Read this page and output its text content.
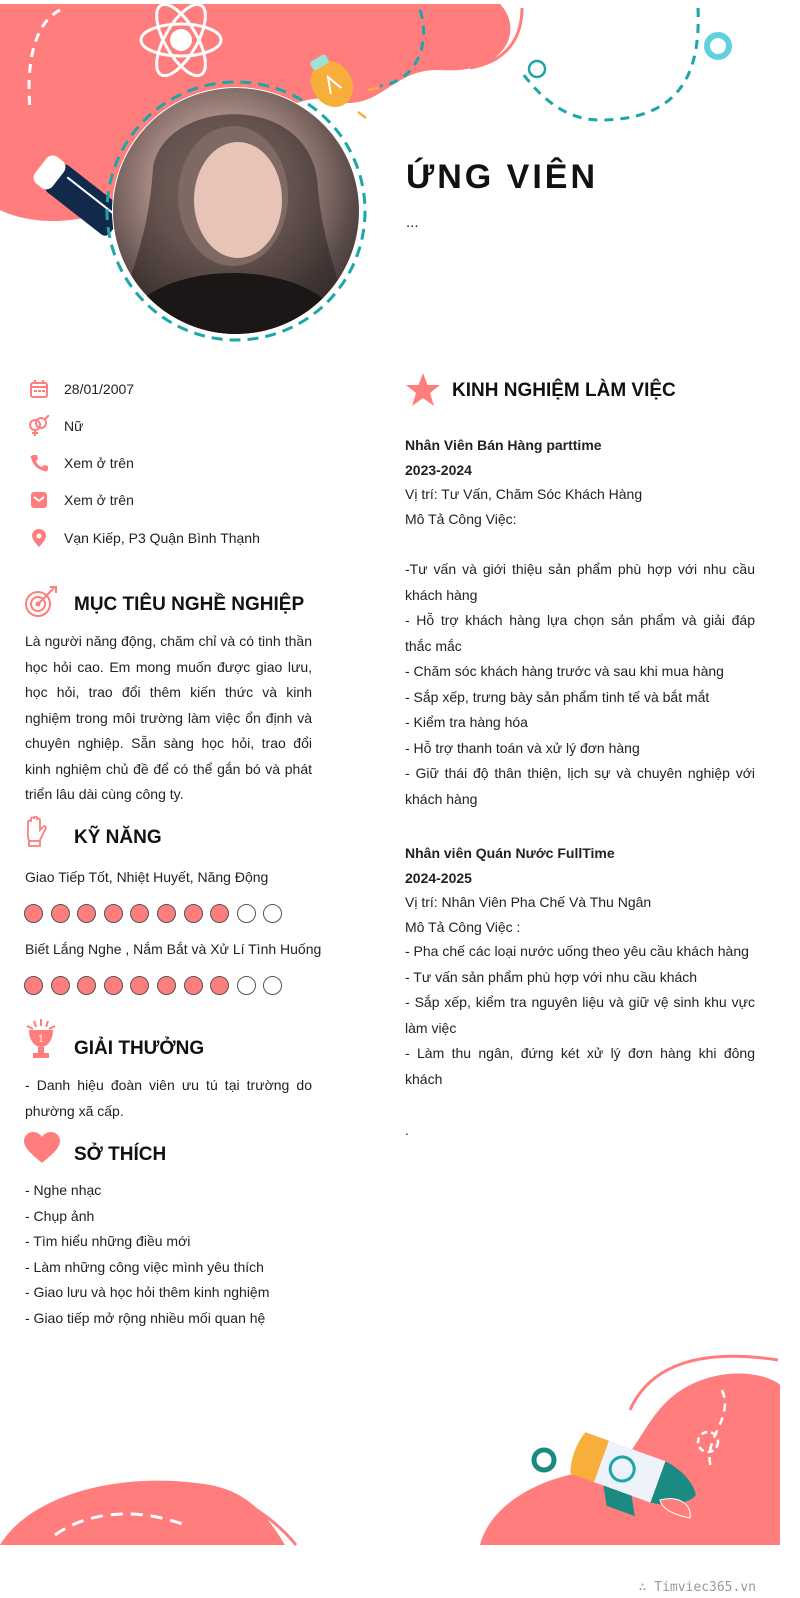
ỨNG VIÊN
...
28/01/2007
Nữ
Xem ở trên
Xem ở trên
Vạn Kiếp, P3 Quận Bình Thạnh
MỤC TIÊU NGHỀ NGHIỆP

Là người năng động, chăm chỉ và có tinh thần học hỏi cao. Em mong muốn được giao lưu, học hỏi, trao đổi thêm kiến thức và kinh nghiệm trong môi trường làm việc ổn định và chuyên nghiệp. Sẵn sàng học hỏi, trao đổi kinh nghiệm chủ đề để có thể gắn bó và phát triển lâu dài cùng công ty.

KỸ NĂNG
Giao Tiếp Tốt, Nhiệt Huyết, Năng Động
Biết Lắng Nghe , Nắm Bắt và Xử Lí Tình Huống
1 GIẢI THƯỞNG

- Danh hiệu đoàn viên ưu tú tại trường do phường xã cấp.

SỞ THÍCH
- Nghe nhạc
- Chụp ảnh
- Tìm hiểu những điều mới
- Làm những công việc mình yêu thích
- Giao lưu và học hỏi thêm kinh nghiệm
- Giao tiếp mở rộng nhiều mối quan hệ
KINH NGHIỆM LÀM VIỆC
Nhân Viên Bán Hàng parttime
2023-2024
Vị trí: Tư Vấn, Chăm Sóc Khách Hàng
Mô Tả Công Việc:
-Tư vấn và giới thiệu sản phẩm phù hợp với nhu cầu khách hàng
- Hỗ trợ khách hàng lựa chọn sản phẩm và giải đáp thắc mắc
- Chăm sóc khách hàng trước và sau khi mua hàng
- Sắp xếp, trưng bày sản phẩm tinh tế và bắt mắt
- Kiểm tra hàng hóa
- Hỗ trợ thanh toán và xử lý đơn hàng
- Giữ thái độ thân thiện, lịch sự và chuyên nghiệp với khách hàng
Nhân viên Quán Nước FullTime
2024-2025
Vị trí: Nhân Viên Pha Chế Và Thu Ngân
Mô Tả Công Việc :
- Pha chế các loại nước uống theo yêu cầu khách hàng
- Tư vấn sản phẩm phù hợp với nhu cầu khách
- Sắp xếp, kiểm tra nguyên liệu và giữ vệ sinh khu vực làm việc
- Làm thu ngân, đứng két xử lý đơn hàng khi đông khách
.
∴ Timviec365.vn
